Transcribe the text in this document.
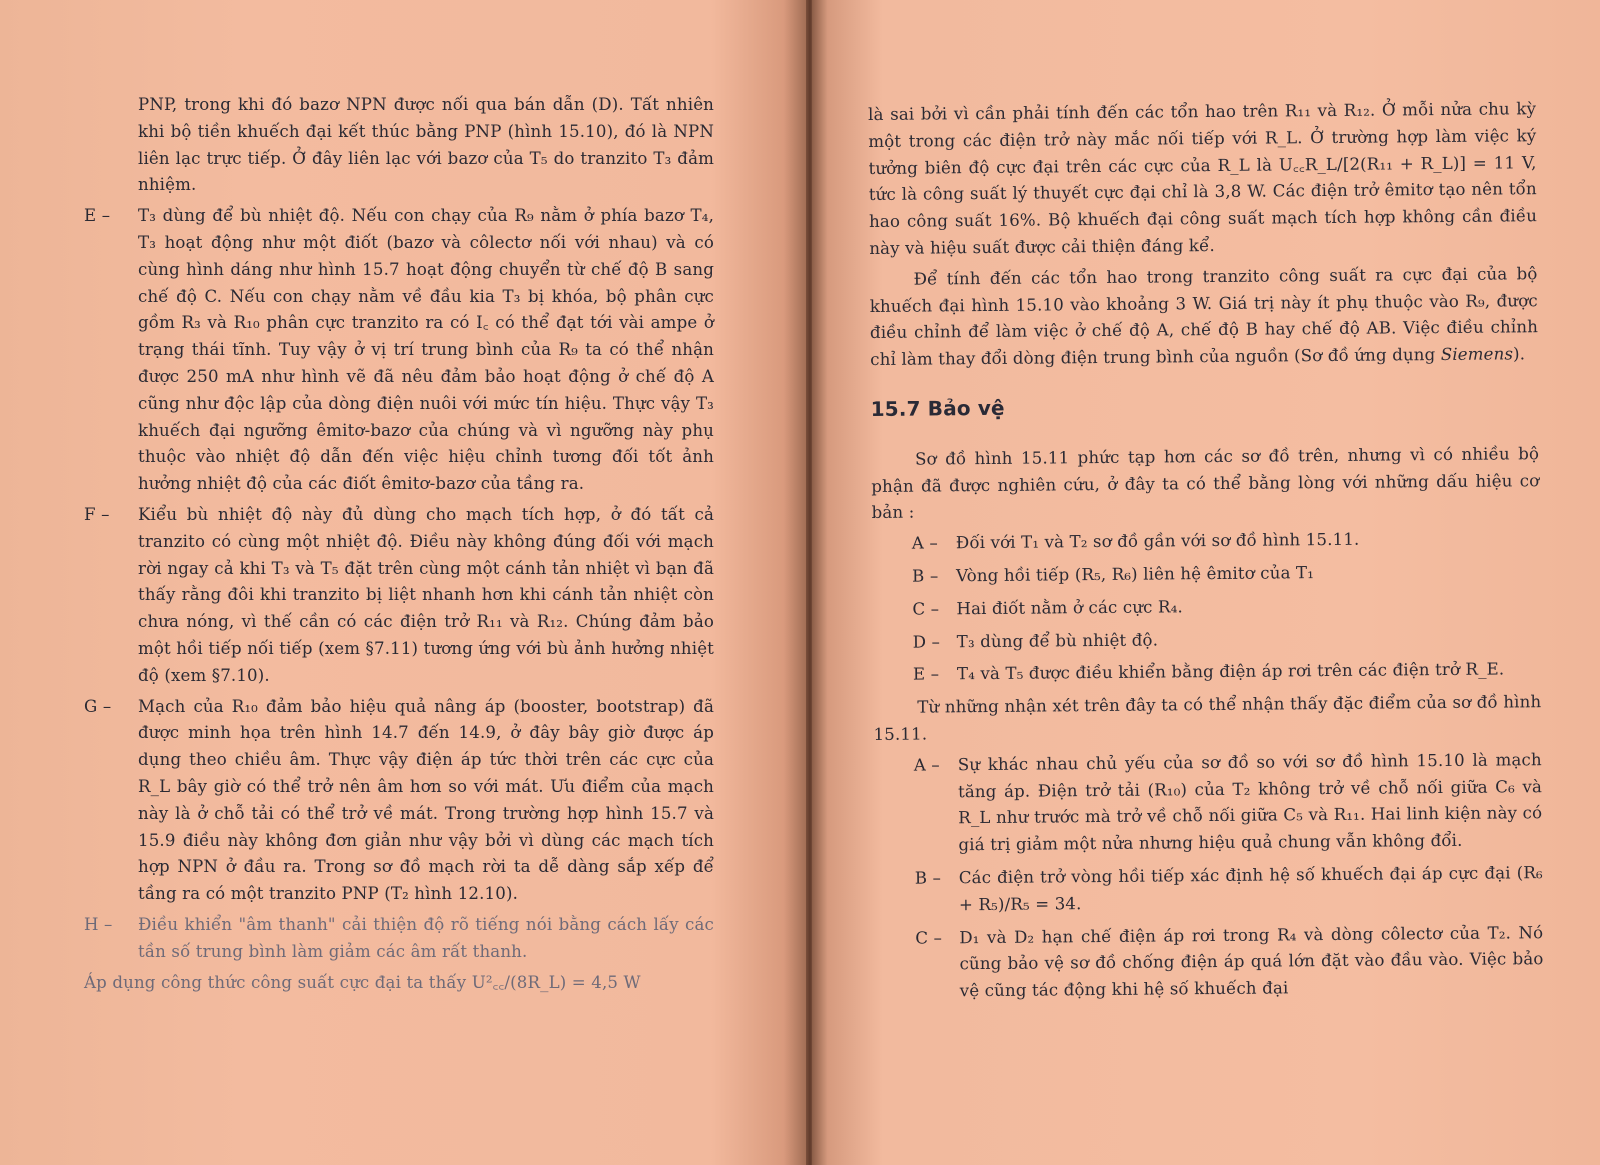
PNP, trong khi đó bazơ NPN được nối qua bán dẫn (D). Tất nhiên khi bộ tiền khuếch đại kết thúc bằng PNP (hình 15.10), đó là NPN liên lạc trực tiếp. Ở đây liên lạc với bazơ của T₅ do tranzito T₃ đảm nhiệm.

E –	T₃ dùng để bù nhiệt độ. Nếu con chạy của R₉ nằm ở phía bazơ T₄, T₃ hoạt động như một điốt (bazơ và côlectơ nối với nhau) và có cùng hình dáng như hình 15.7 hoạt động chuyển từ chế độ B sang chế độ C. Nếu con chạy nằm về đầu kia T₃ bị khóa, bộ phân cực gồm R₃ và R₁₀ phân cực tranzito ra có I꜀ có thể đạt tới vài ampe ở trạng thái tĩnh. Tuy vậy ở vị trí trung bình của R₉ ta có thể nhận được 250 mA như hình vẽ đã nêu đảm bảo hoạt động ở chế độ A cũng như độc lập của dòng điện nuôi với mức tín hiệu. Thực vậy T₃ khuếch đại ngưỡng êmitơ-bazơ của chúng và vì ngưỡng này phụ thuộc vào nhiệt độ dẫn đến việc hiệu chỉnh tương đối tốt ảnh hưởng nhiệt độ của các điốt êmitơ-bazơ của tầng ra.
F –	Kiểu bù nhiệt độ này đủ dùng cho mạch tích hợp, ở đó tất cả tranzito có cùng một nhiệt độ. Điều này không đúng đối với mạch rời ngay cả khi T₃ và T₅ đặt trên cùng một cánh tản nhiệt vì bạn đã thấy rằng đôi khi tranzito bị liệt nhanh hơn khi cánh tản nhiệt còn chưa nóng, vì thế cần có các điện trở R₁₁ và R₁₂. Chúng đảm bảo một hồi tiếp nối tiếp (xem §7.11) tương ứng với bù ảnh hưởng nhiệt độ (xem §7.10).
G –	Mạch của R₁₀ đảm bảo hiệu quả nâng áp (booster, bootstrap) đã được minh họa trên hình 14.7 đến 14.9, ở đây bây giờ được áp dụng theo chiều âm. Thực vậy điện áp tức thời trên các cực của R_L bây giờ có thể trở nên âm hơn so với mát. Ưu điểm của mạch này là ở chỗ tải có thể trở về mát. Trong trường hợp hình 15.7 và 15.9 điều này không đơn giản như vậy bởi vì dùng các mạch tích hợp NPN ở đầu ra. Trong sơ đồ mạch rời ta dễ dàng sắp xếp để tầng ra có một tranzito PNP (T₂ hình 12.10).
H –	Điều khiển "âm thanh" cải thiện độ rõ tiếng nói bằng cách lấy các tần số trung bình làm giảm các âm rất thanh.

Áp dụng công thức công suất cực đại ta thấy U²꜀꜀/(8R_L) = 4,5 W

là sai bởi vì cần phải tính đến các tổn hao trên R₁₁ và R₁₂. Ở mỗi nửa chu kỳ một trong các điện trở này mắc nối tiếp với R_L. Ở trường hợp làm việc ký tưởng biên độ cực đại trên các cực của R_L là U꜀꜀R_L/[2(R₁₁ + R_L)] = 11 V, tức là công suất lý thuyết cực đại chỉ là 3,8 W. Các điện trở êmitơ tạo nên tổn hao công suất 16%. Bộ khuếch đại công suất mạch tích hợp không cần điều này và hiệu suất được cải thiện đáng kể.

Để tính đến các tổn hao trong tranzito công suất ra cực đại của bộ khuếch đại hình 15.10 vào khoảng 3 W. Giá trị này ít phụ thuộc vào R₉, được điều chỉnh để làm việc ở chế độ A, chế độ B hay chế độ AB. Việc điều chỉnh chỉ làm thay đổi dòng điện trung bình của nguồn (Sơ đồ ứng dụng Siemens).

15.7 Bảo vệ

Sơ đồ hình 15.11 phức tạp hơn các sơ đồ trên, nhưng vì có nhiều bộ phận đã được nghiên cứu, ở đây ta có thể bằng lòng với những dấu hiệu cơ bản :

A –	Đối với T₁ và T₂ sơ đồ gần với sơ đồ hình 15.11.
B –	Vòng hồi tiếp (R₅, R₆) liên hệ êmitơ của T₁
C –	Hai điốt nằm ở các cực R₄.
D – T₃ dùng để bù nhiệt độ.
E –	T₄ và T₅ được điều khiển bằng điện áp rơi trên các điện trở R_E.

Từ những nhận xét trên đây ta có thể nhận thấy đặc điểm của sơ đồ hình 15.11.

A –	Sự khác nhau chủ yếu của sơ đồ so với sơ đồ hình 15.10 là mạch tăng áp. Điện trở tải (R₁₀) của T₂ không trở về chỗ nối giữa C₆ và R_L như trước mà trở về chỗ nối giữa C₅ và R₁₁. Hai linh kiện này có giá trị giảm một nửa nhưng hiệu quả chung vẫn không đổi.
B –	Các điện trở vòng hồi tiếp xác định hệ số khuếch đại áp cực đại (R₆ + R₅)/R₅ = 34.
C –	D₁ và D₂ hạn chế điện áp rơi trong R₄ và dòng côlectơ của T₂. Nó cũng bảo vệ sơ đồ chống điện áp quá lớn đặt vào đầu vào. Việc bảo vệ cũng tác động khi hệ số khuếch đại
